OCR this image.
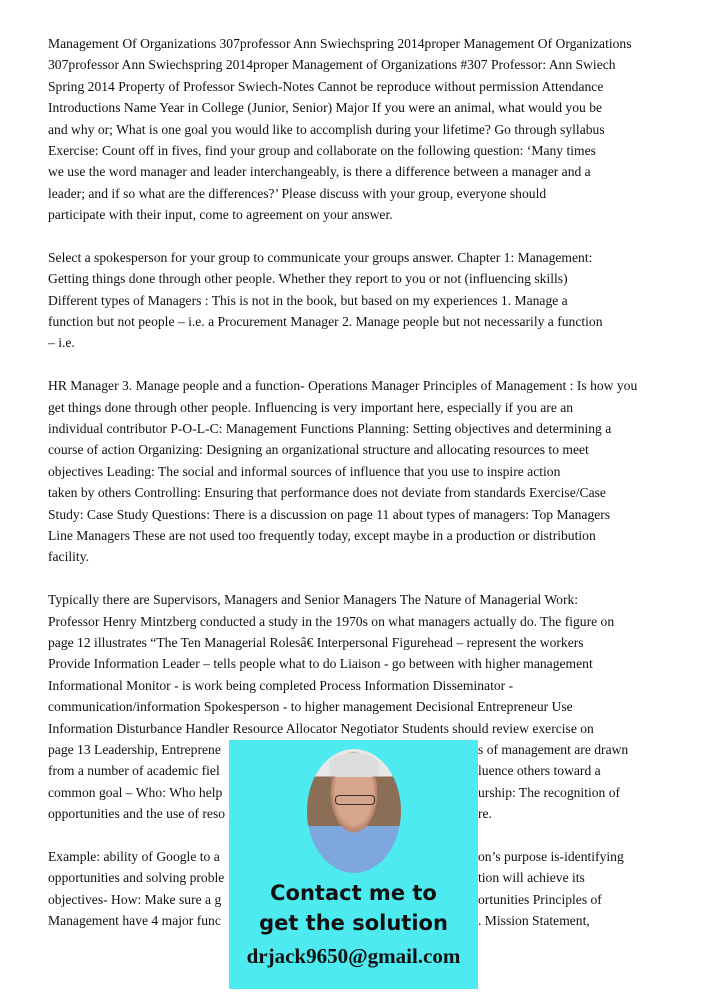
Management Of Organizations 307professor Ann Swiechspring 2014proper Management Of Organizations
307professor Ann Swiechspring 2014proper Management of Organizations #307 Professor: Ann Swiech
Spring 2014 Property of Professor Swiech-Notes Cannot be reproduce without permission Attendance
Introductions Name Year in College (Junior, Senior) Major If you were an animal, what would you be
and why or; What is one goal you would like to accomplish during your lifetime? Go through syllabus
Exercise: Count off in fives, find your group and collaborate on the following question: ‘Many times
we use the word manager and leader interchangeably, is there a difference between a manager and a
leader; and if so what are the differences?’ Please discuss with your group, everyone should
participate with their input, come to agreement on your answer.
Select a spokesperson for your group to communicate your groups answer. Chapter 1: Management:
Getting things done through other people. Whether they report to you or not (influencing skills)
Different types of Managers : This is not in the book, but based on my experiences 1. Manage a
function but not people – i.e. a Procurement Manager 2. Manage people but not necessarily a function
– i.e.
HR Manager 3. Manage people and a function- Operations Manager Principles of Management : Is how you
get things done through other people. Influencing is very important here, especially if you are an
individual contributor P-O-L-C: Management Functions Planning: Setting objectives and determining a
course of action Organizing: Designing an organizational structure and allocating resources to meet
objectives Leading: The social and informal sources of influence that you use to inspire action
taken by others Controlling: Ensuring that performance does not deviate from standards Exercise/Case
Study: Case Study Questions: There is a discussion on page 11 about types of managers: Top Managers
Line Managers These are not used too frequently today, except maybe in a production or distribution
facility.
Typically there are Supervisors, Managers and Senior Managers The Nature of Managerial Work:
Professor Henry Mintzberg conducted a study in the 1970s on what managers actually do. The figure on
page 12 illustrates “The Ten Managerial Rolesâ€ Interpersonal Figurehead – represent the workers
Provide Information Leader – tells people what to do Liaison - go between with higher management
Informational Monitor - is work being completed Process Information Disseminator -
communication/information Spokesperson - to higher management Decisional Entrepreneur Use
Information Disturbance Handler Resource Allocator Negotiator Students should review exercise on
page 13 Leadership, Entreprene	s of management are drawn
from a number of academic fiel	luence others toward a
common goal – Who: Who help	urship: The recognition of
opportunities and the use of reso	re.
Example: ability of Google to a	on’s purpose is-identifying
opportunities and solving proble	tion will achieve its
objectives- How: Make sure a g	ortunities Principles of
Management have 4 major func	. Mission Statement,
Contact me to
get the solution
drjack9650@gmail.com
